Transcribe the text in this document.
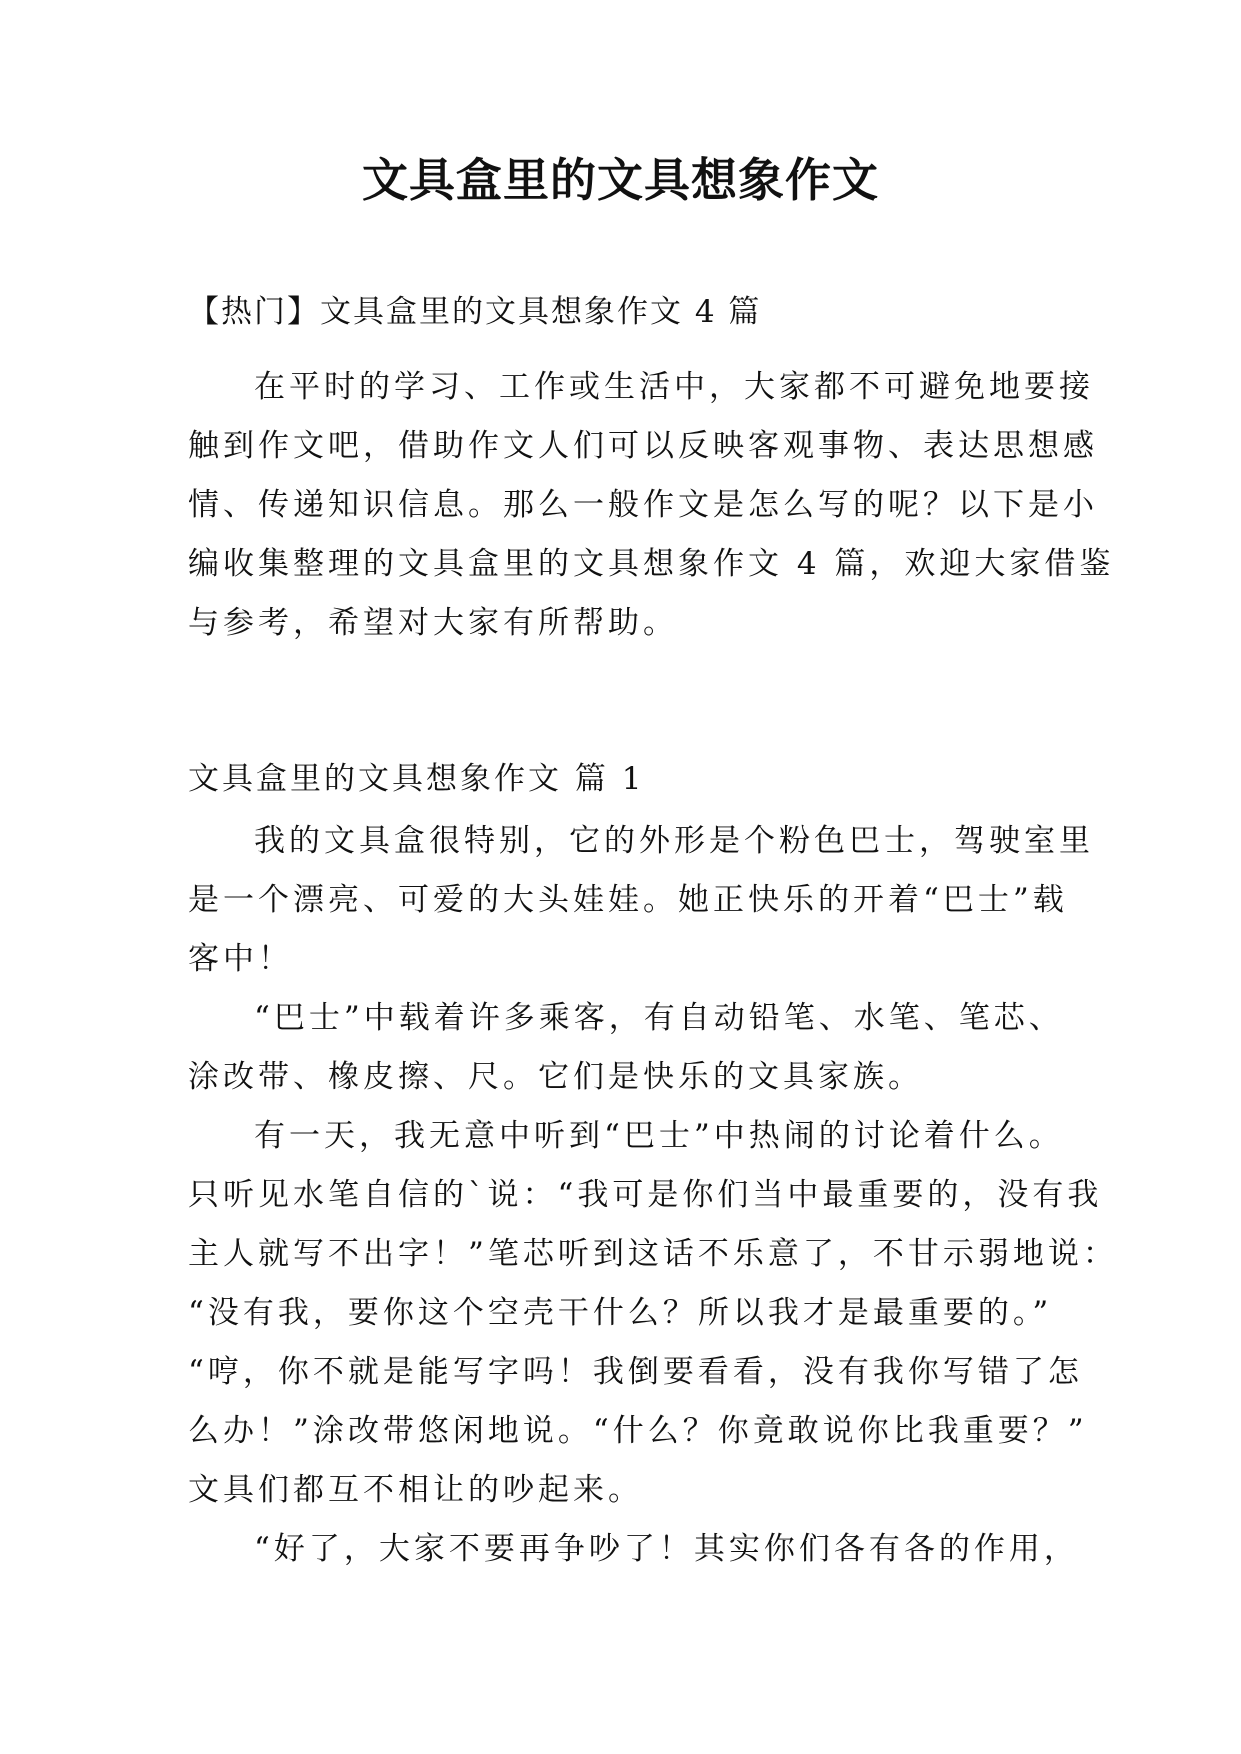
文具盒里的文具想象作文
【热门】文具盒里的文具想象作文 4 篇
在平时的学习、工作或生活中，大家都不可避免地要接
触到作文吧，借助作文人们可以反映客观事物、表达思想感
情、传递知识信息。那么一般作文是怎么写的呢？以下是小
编收集整理的文具盒里的文具想象作文 4 篇，欢迎大家借鉴
与参考，希望对大家有所帮助。
文具盒里的文具想象作文 篇 1
我的文具盒很特别，它的外形是个粉色巴士，驾驶室里
是一个漂亮、可爱的大头娃娃。她正快乐的开着“巴士”载
客中！
“巴士”中载着许多乘客，有自动铅笔、水笔、笔芯、
涂改带、橡皮擦、尺。它们是快乐的文具家族。
有一天，我无意中听到“巴士”中热闹的讨论着什么。
只听见水笔自信的`说：“我可是你们当中最重要的，没有我
主人就写不出字！”笔芯听到这话不乐意了，不甘示弱地说：
“没有我，要你这个空壳干什么？所以我才是最重要的。”
“哼，你不就是能写字吗！我倒要看看，没有我你写错了怎
么办！”涂改带悠闲地说。“什么？你竟敢说你比我重要？”
文具们都互不相让的吵起来。
“好了，大家不要再争吵了！其实你们各有各的作用，
